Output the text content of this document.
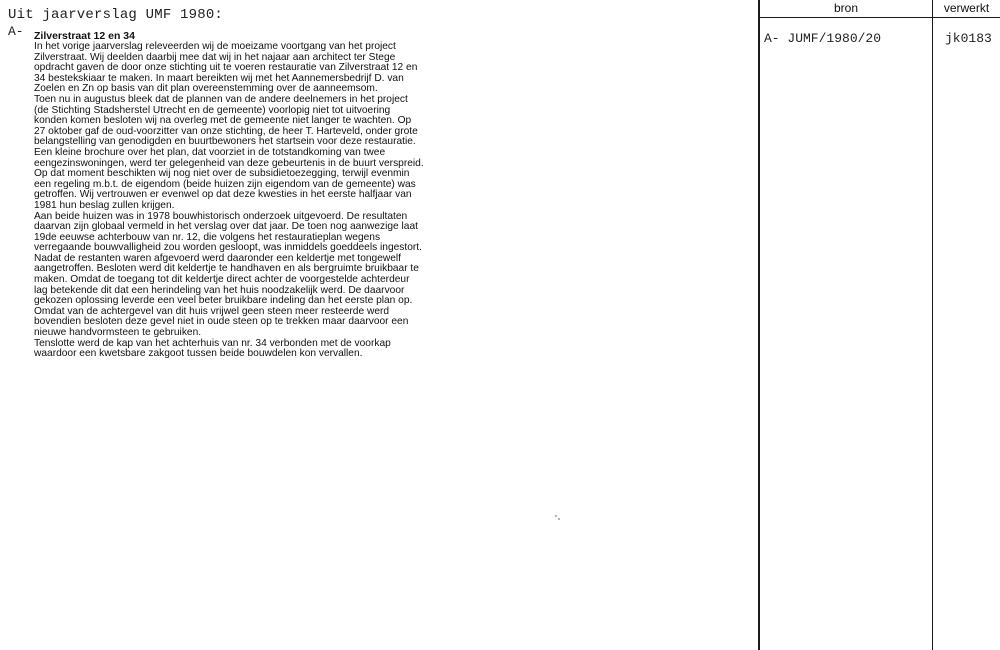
Uit jaarverslag UMF 1980:
A- Zilverstraat 12 en 34

In het vorige jaarverslag releveerden wij de moeizame voortgang van het project Zilverstraat. Wij deelden daarbij mee dat wij in het najaar aan architect ter Stege opdracht gaven de door onze stichting uit te voeren restauratie van Zilverstraat 12 en 34 bestekskiaar te maken. In maart bereikten wij met het Aannemersbedrijf D. van Zoelen en Zn op basis van dit plan overeenstemming over de aanneemsom.

Toen nu in augustus bleek dat de plannen van de andere deelnemers in het project (de Stichting Stadsherstel Utrecht en de gemeente) voorlopig niet tot uitvoering konden komen besloten wij na overleg met de gemeente niet langer te wachten. Op 27 oktober gaf de oud-voorzitter van onze stichting, de heer T. Harteveld, onder grote belangstelling van genodigden en buurtbewoners het startsein voor deze restauratie. Een kleine brochure over het plan, dat voorziet in de totstandkoming van twee eengezinswoningen, werd ter gelegenheid van deze gebeurtenis in de buurt verspreid.

Op dat moment beschikten wij nog niet over de subsidietoezegging, terwijl evenmin een regeling m.b.t. de eigendom (beide huizen zijn eigendom van de gemeente) was getroffen. Wij vertrouwen er evenwel op dat deze kwesties in het eerste halfjaar van 1981 hun beslag zullen krijgen.

Aan beide huizen was in 1978 bouwhistorisch onderzoek uitgevoerd. De resultaten daarvan zijn globaal vermeld in het verslag over dat jaar. De toen nog aanwezige laat 19de eeuwse achterbouw van nr. 12, die volgens het restauratieplan wegens verregaande bouwvalligheid zou worden gesloopt, was inmiddels goeddeels ingestort. Nadat de restanten waren afgevoerd werd daaronder een keldertje met tongewelf aangetroffen. Besloten werd dit keldertje te handhaven en als bergruimte bruikbaar te maken. Omdat de toegang tot dit keldertje direct achter de voorgestelde achterdeur lag betekende dit dat een herindeling van het huis noodzakelijk werd. De daarvoor gekozen oplossing leverde een veel beter bruikbare indeling dan het eerste plan op.

Omdat van de achtergevel van dit huis vrijwel geen steen meer resteerde werd bovendien besloten deze gevel niet in oude steen op te trekken maar daarvoor een nieuwe handvormsteen te gebruiken.

Tenslotte werd de kap van het achterhuis van nr. 34 verbonden met de voorkap waardoor een kwetsbare zakgoot tussen beide bouwdelen kon vervallen.

bron	verwerkt
A- JUMF/1980/20	jk0183
